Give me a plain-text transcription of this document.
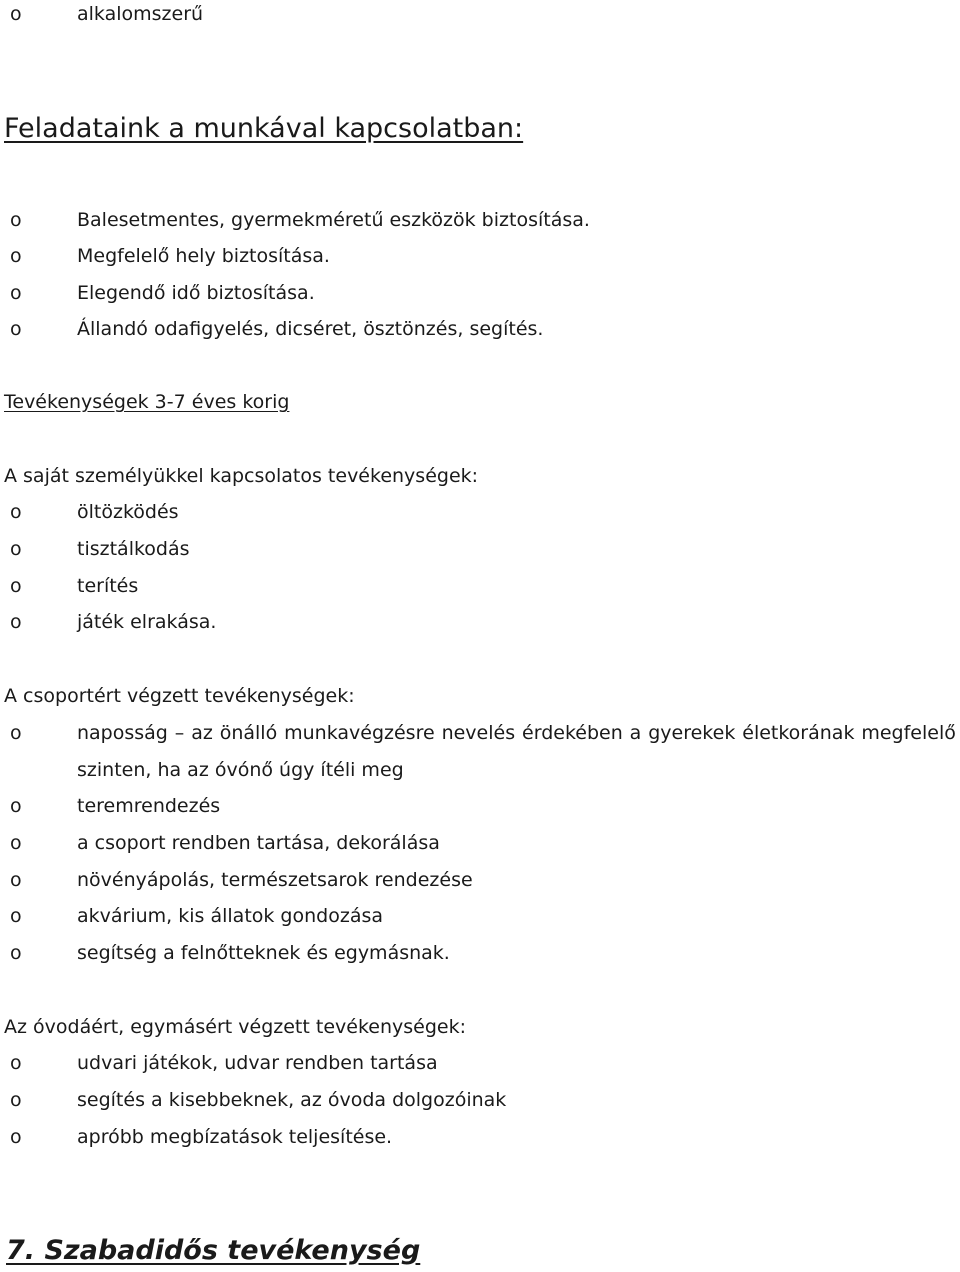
o	alkalomszerű
Feladataink a munkával kapcsolatban:
o	Balesetmentes, gyermekméretű eszközök biztosítása.
o	Megfelelő hely biztosítása.
o	Elegendő idő biztosítása.
o	Állandó odafigyelés, dicséret, ösztönzés, segítés.
Tevékenységek 3-7 éves korig
A saját személyükkel kapcsolatos tevékenységek:
o	öltözködés
o	tisztálkodás
o	terítés
o	játék elrakása.
A csoportért végzett tevékenységek:
o	naposság – az önálló munkavégzésre nevelés érdekében a gyerekek életkorának megfelelő
szinten, ha az óvónő úgy ítéli meg
o	teremrendezés
o	a csoport rendben tartása, dekorálása
o	növényápolás, természetsarok rendezése
o	akvárium, kis állatok gondozása
o	segítség a felnőtteknek és egymásnak.
Az óvodáért, egymásért végzett tevékenységek:
o	udvari játékok, udvar rendben tartása
o	segítés a kisebbeknek, az óvoda dolgozóinak
o	apróbb megbízatások teljesítése.
7. Szabadidős tevékenység
